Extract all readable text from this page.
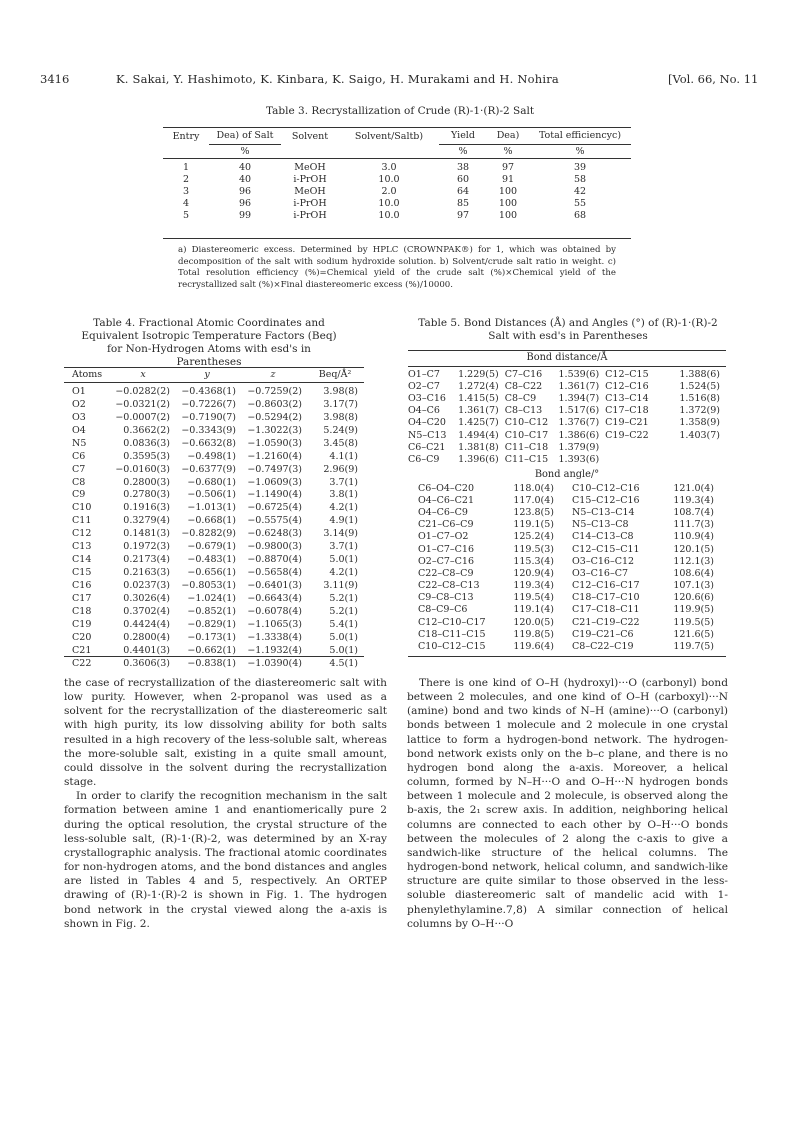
3416	K. Sakai, Y. Hashimoto, K. Kinbara, K. Saigo, H. Murakami and H. Nohira	[Vol. 66, No. 11
Table 3. Recrystallization of Crude (R)-1·(R)-2 Salt
Entry	Dea) of Salt	Solvent	Solvent/Saltb)	Yield	Dea)	Total efficiencyc)
	%			%	%	%

1	40	MeOH	3.0	38	97	39
2	40	i-PrOH	10.0	60	91	58
3	96	MeOH	2.0	64	100	42
4	96	i-PrOH	10.0	85	100	55
5	99	i-PrOH	10.0	97	100	68
a) Diastereomeric excess. Determined by HPLC (CROWNPAK®) for 1, which was obtained by decomposition of the salt with sodium hydroxide solution. b) Solvent/crude salt ratio in weight. c) Total resolution efficiency (%)=Chemical yield of the crude salt (%)×Chemical yield of the recrystallized salt (%)×Final diastereomeric excess (%)/10000.
Table 4. Fractional Atomic Coordinates and Equivalent Isotropic Temperature Factors (Beq) for Non-Hydrogen Atoms with esd's in Parentheses
Atoms	x	y	z	Beq/Å²

O1	−0.0282(2)	−0.4368(1)	−0.7259(2)	3.98(8)
O2	−0.0321(2)	−0.7226(7)	−0.8603(2)	3.17(7)
O3	−0.0007(2)	−0.7190(7)	−0.5294(2)	3.98(8)
O4	0.3662(2)	−0.3343(9)	−1.3022(3)	5.24(9)
N5	0.0836(3)	−0.6632(8)	−1.0590(3)	3.45(8)
C6	0.3595(3)	−0.498(1)	−1.2160(4)	4.1(1)
C7	−0.0160(3)	−0.6377(9)	−0.7497(3)	2.96(9)
C8	0.2800(3)	−0.680(1)	−1.0609(3)	3.7(1)
C9	0.2780(3)	−0.506(1)	−1.1490(4)	3.8(1)
C10	0.1916(3)	−1.013(1)	−0.6725(4)	4.2(1)
C11	0.3279(4)	−0.668(1)	−0.5575(4)	4.9(1)
C12	0.1481(3)	−0.8282(9)	−0.6248(3)	3.14(9)
C13	0.1972(3)	−0.679(1)	−0.9800(3)	3.7(1)
C14	0.2173(4)	−0.483(1)	−0.8870(4)	5.0(1)
C15	0.2163(3)	−0.656(1)	−0.5658(4)	4.2(1)
C16	0.0237(3)	−0.8053(1)	−0.6401(3)	3.11(9)
C17	0.3026(4)	−1.024(1)	−0.6643(4)	5.2(1)
C18	0.3702(4)	−0.852(1)	−0.6078(4)	5.2(1)
C19	0.4424(4)	−0.829(1)	−1.1065(3)	5.4(1)
C20	0.2800(4)	−0.173(1)	−1.3338(4)	5.0(1)
C21	0.4401(3)	−0.662(1)	−1.1932(4)	5.0(1)
C22	0.3606(3)	−0.838(1)	−1.0390(4)	4.5(1)
Table 5. Bond Distances (Å) and Angles (°) of (R)-1·(R)-2 Salt with esd's in Parentheses
Bond distance/Å
O1–C7	1.229(5)	C7–C16	1.539(6)	C12–C15	1.388(6)
O2–C7	1.272(4)	C8–C22	1.361(7)	C12–C16	1.524(5)
O3–C16	1.415(5)	C8–C9	1.394(7)	C13–C14	1.516(8)
O4–C6	1.361(7)	C8–C13	1.517(6)	C17–C18	1.372(9)
O4–C20	1.425(7)	C10–C12	1.376(7)	C19–C21	1.358(9)
N5–C13	1.494(4)	C10–C17	1.386(6)	C19–C22	1.403(7)
C6–C21	1.381(8)	C11–C18	1.379(9)		
C6–C9	1.396(6)	C11–C15	1.393(6)		
Bond angle/°
C6–O4–C20	118.0(4)	C10–C12–C16	121.0(4)
O4–C6–C21	117.0(4)	C15–C12–C16	119.3(4)
O4–C6–C9	123.8(5)	N5–C13–C14	108.7(4)
C21–C6–C9	119.1(5)	N5–C13–C8	111.7(3)
O1–C7–O2	125.2(4)	C14–C13–C8	110.9(4)
O1–C7–C16	119.5(3)	C12–C15–C11	120.1(5)
O2–C7–C16	115.3(4)	O3–C16–C12	112.1(3)
C22–C8–C9	120.9(4)	O3–C16–C7	108.6(4)
C22–C8–C13	119.3(4)	C12–C16–C17	107.1(3)
C9–C8–C13	119.5(4)	C18–C17–C10	120.6(6)
C8–C9–C6	119.1(4)	C17–C18–C11	119.9(5)
C12–C10–C17	120.0(5)	C21–C19–C22	119.5(5)
C18–C11–C15	119.8(5)	C19–C21–C6	121.6(5)
C10–C12–C15	119.6(4)	C8–C22–C19	119.7(5)

the case of recrystallization of the diastereomeric salt with low purity. However, when 2-propanol was used as a solvent for the recrystallization of the diastereomeric salt with high purity, its low dissolving ability for both salts resulted in a high recovery of the less-soluble salt, whereas the more-soluble salt, existing in a quite small amount, could dissolve in the solvent during the recrystallization stage.

In order to clarify the recognition mechanism in the salt formation between amine 1 and enantiomerically pure 2 during the optical resolution, the crystal structure of the less-soluble salt, (R)-1·(R)-2, was determined by an X-ray crystallographic analysis. The fractional atomic coordinates for non-hydrogen atoms, and the bond distances and angles are listed in Tables 4 and 5, respectively. An ORTEP drawing of (R)-1·(R)-2 is shown in Fig. 1. The hydrogen bond network in the crystal viewed along the a-axis is shown in Fig. 2.

There is one kind of O–H (hydroxyl)···O (carbonyl) bond between 2 molecules, and one kind of O–H (carboxyl)···N (amine) bond and two kinds of N–H (amine)···O (carbonyl) bonds between 1 molecule and 2 molecule in one crystal lattice to form a hydrogen-bond network. The hydrogen-bond network exists only on the b–c plane, and there is no hydrogen bond along the a-axis. Moreover, a helical column, formed by N–H···O and O–H···N hydrogen bonds between 1 molecule and 2 molecule, is observed along the b-axis, the 2₁ screw axis. In addition, neighboring helical columns are connected to each other by O–H···O bonds between the molecules of 2 along the c-axis to give a sandwich-like structure of the helical columns. The hydrogen-bond network, helical column, and sandwich-like structure are quite similar to those observed in the less-soluble diastereomeric salt of mandelic acid with 1-phenylethylamine.7,8) A similar connection of helical columns by O–H···O
